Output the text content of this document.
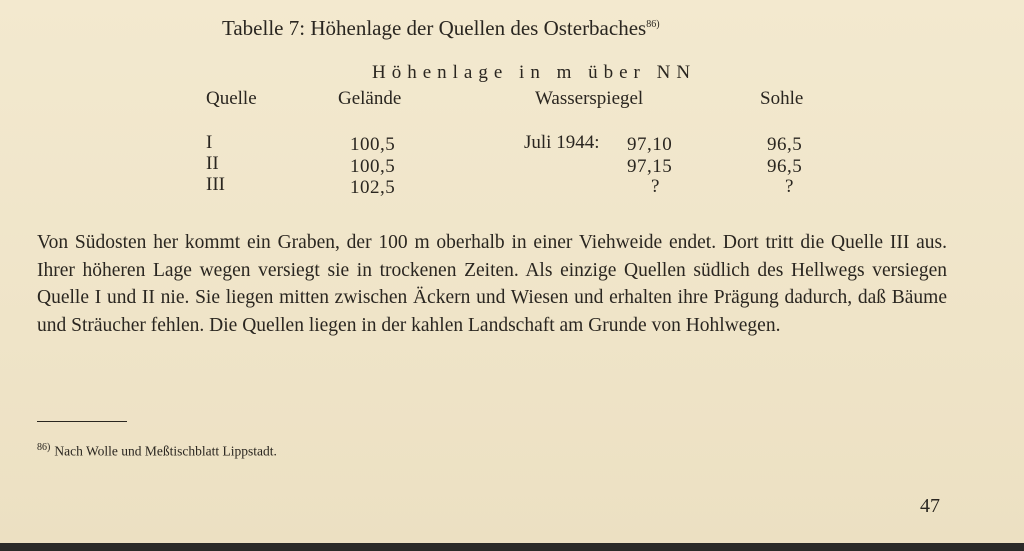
Tabelle 7: Höhenlage der Quellen des Osterbaches$^{86)}$
Höhenlage in m über NN
Quelle	Gelände	Wasserspiegel	Sohle
I	100,5	Juli 1944: 97,10	96,5
II	100,5	97,15	96,5
III	102,5	?	?

Von Südosten her kommt ein Graben, der 100 m oberhalb in einer Viehweide endet. Dort tritt die Quelle III aus. Ihrer höheren Lage wegen versiegt sie in trockenen Zeiten. Als einzige Quellen südlich des Hellwegs versiegen Quelle I und II nie. Sie liegen mitten zwischen Äckern und Wiesen und erhalten ihre Prägung dadurch, daß Bäume und Sträucher fehlen. Die Quellen liegen in der kahlen Landschaft am Grunde von Hohlwegen.

$^{86)}$ Nach Wolle und Meßtischblatt Lippstadt.
47
